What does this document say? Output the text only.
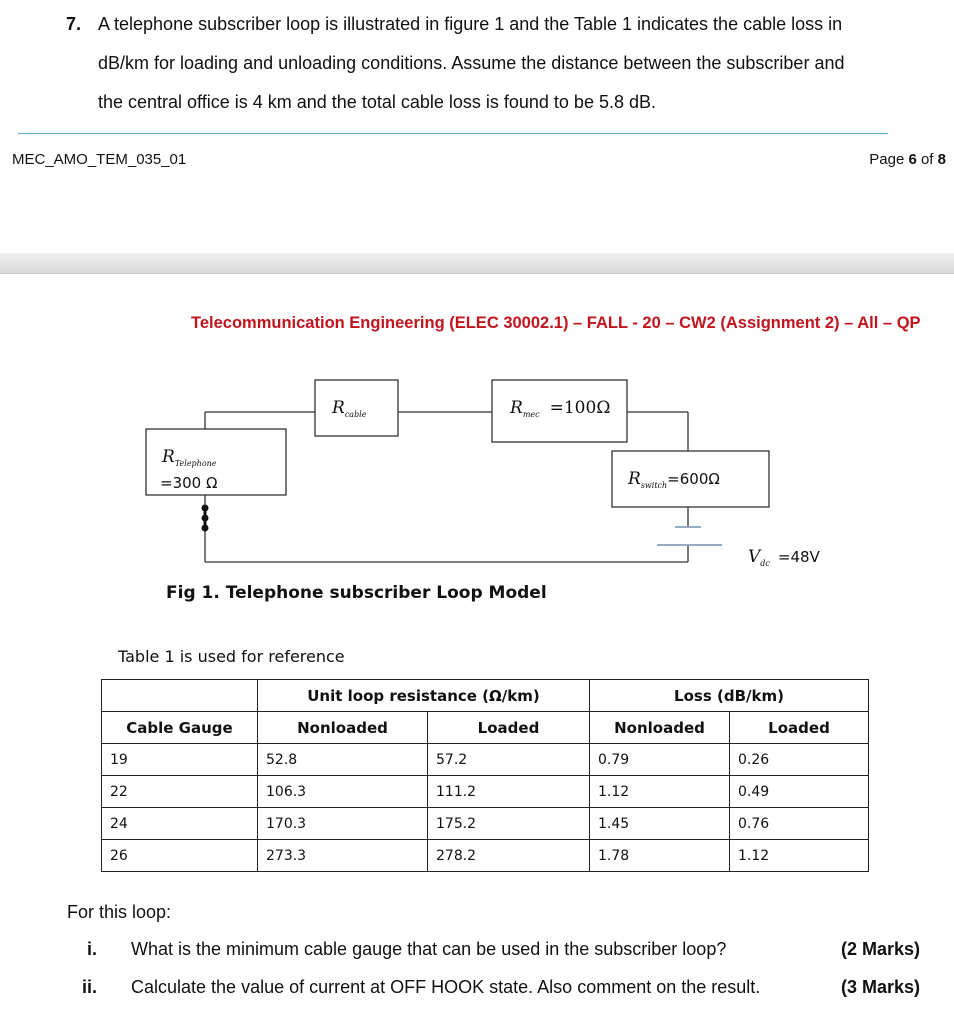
7. A telephone subscriber loop is illustrated in figure 1 and the Table 1 indicates the cable loss in
dB/km for loading and unloading conditions. Assume the distance between the subscriber and
the central office is 4 km and the total cable loss is found to be 5.8 dB.
MEC_AMO_TEM_035_01	Page 6 of 8
Telecommunication Engineering (ELEC 30002.1) – FALL - 20 – CW2 (Assignment 2) – All – QP
$R_{Telephone}$
=300 Ω
$R_{cable}$	$R_{mec} =100\Omega$
$R_{switch}=600\Omega$
$V_{dc} =48V$
Fig 1. Telephone subscriber Loop Model
Table 1 is used for reference
	Unit loop resistance (Ω/km)		Loss (dB/km)	
Cable Gauge	Nonloaded	Loaded	Nonloaded	Loaded
19	52.8	57.2	0.79	0.26
22	106.3	111.2	1.12	0.49
24	170.3	175.2	1.45	0.76
26	273.3	278.2	1.78	1.12
For this loop:
i. What is the minimum cable gauge that can be used in the subscriber loop?	(2 Marks)
ii. Calculate the value of current at OFF HOOK state. Also comment on the result.	(3 Marks)
